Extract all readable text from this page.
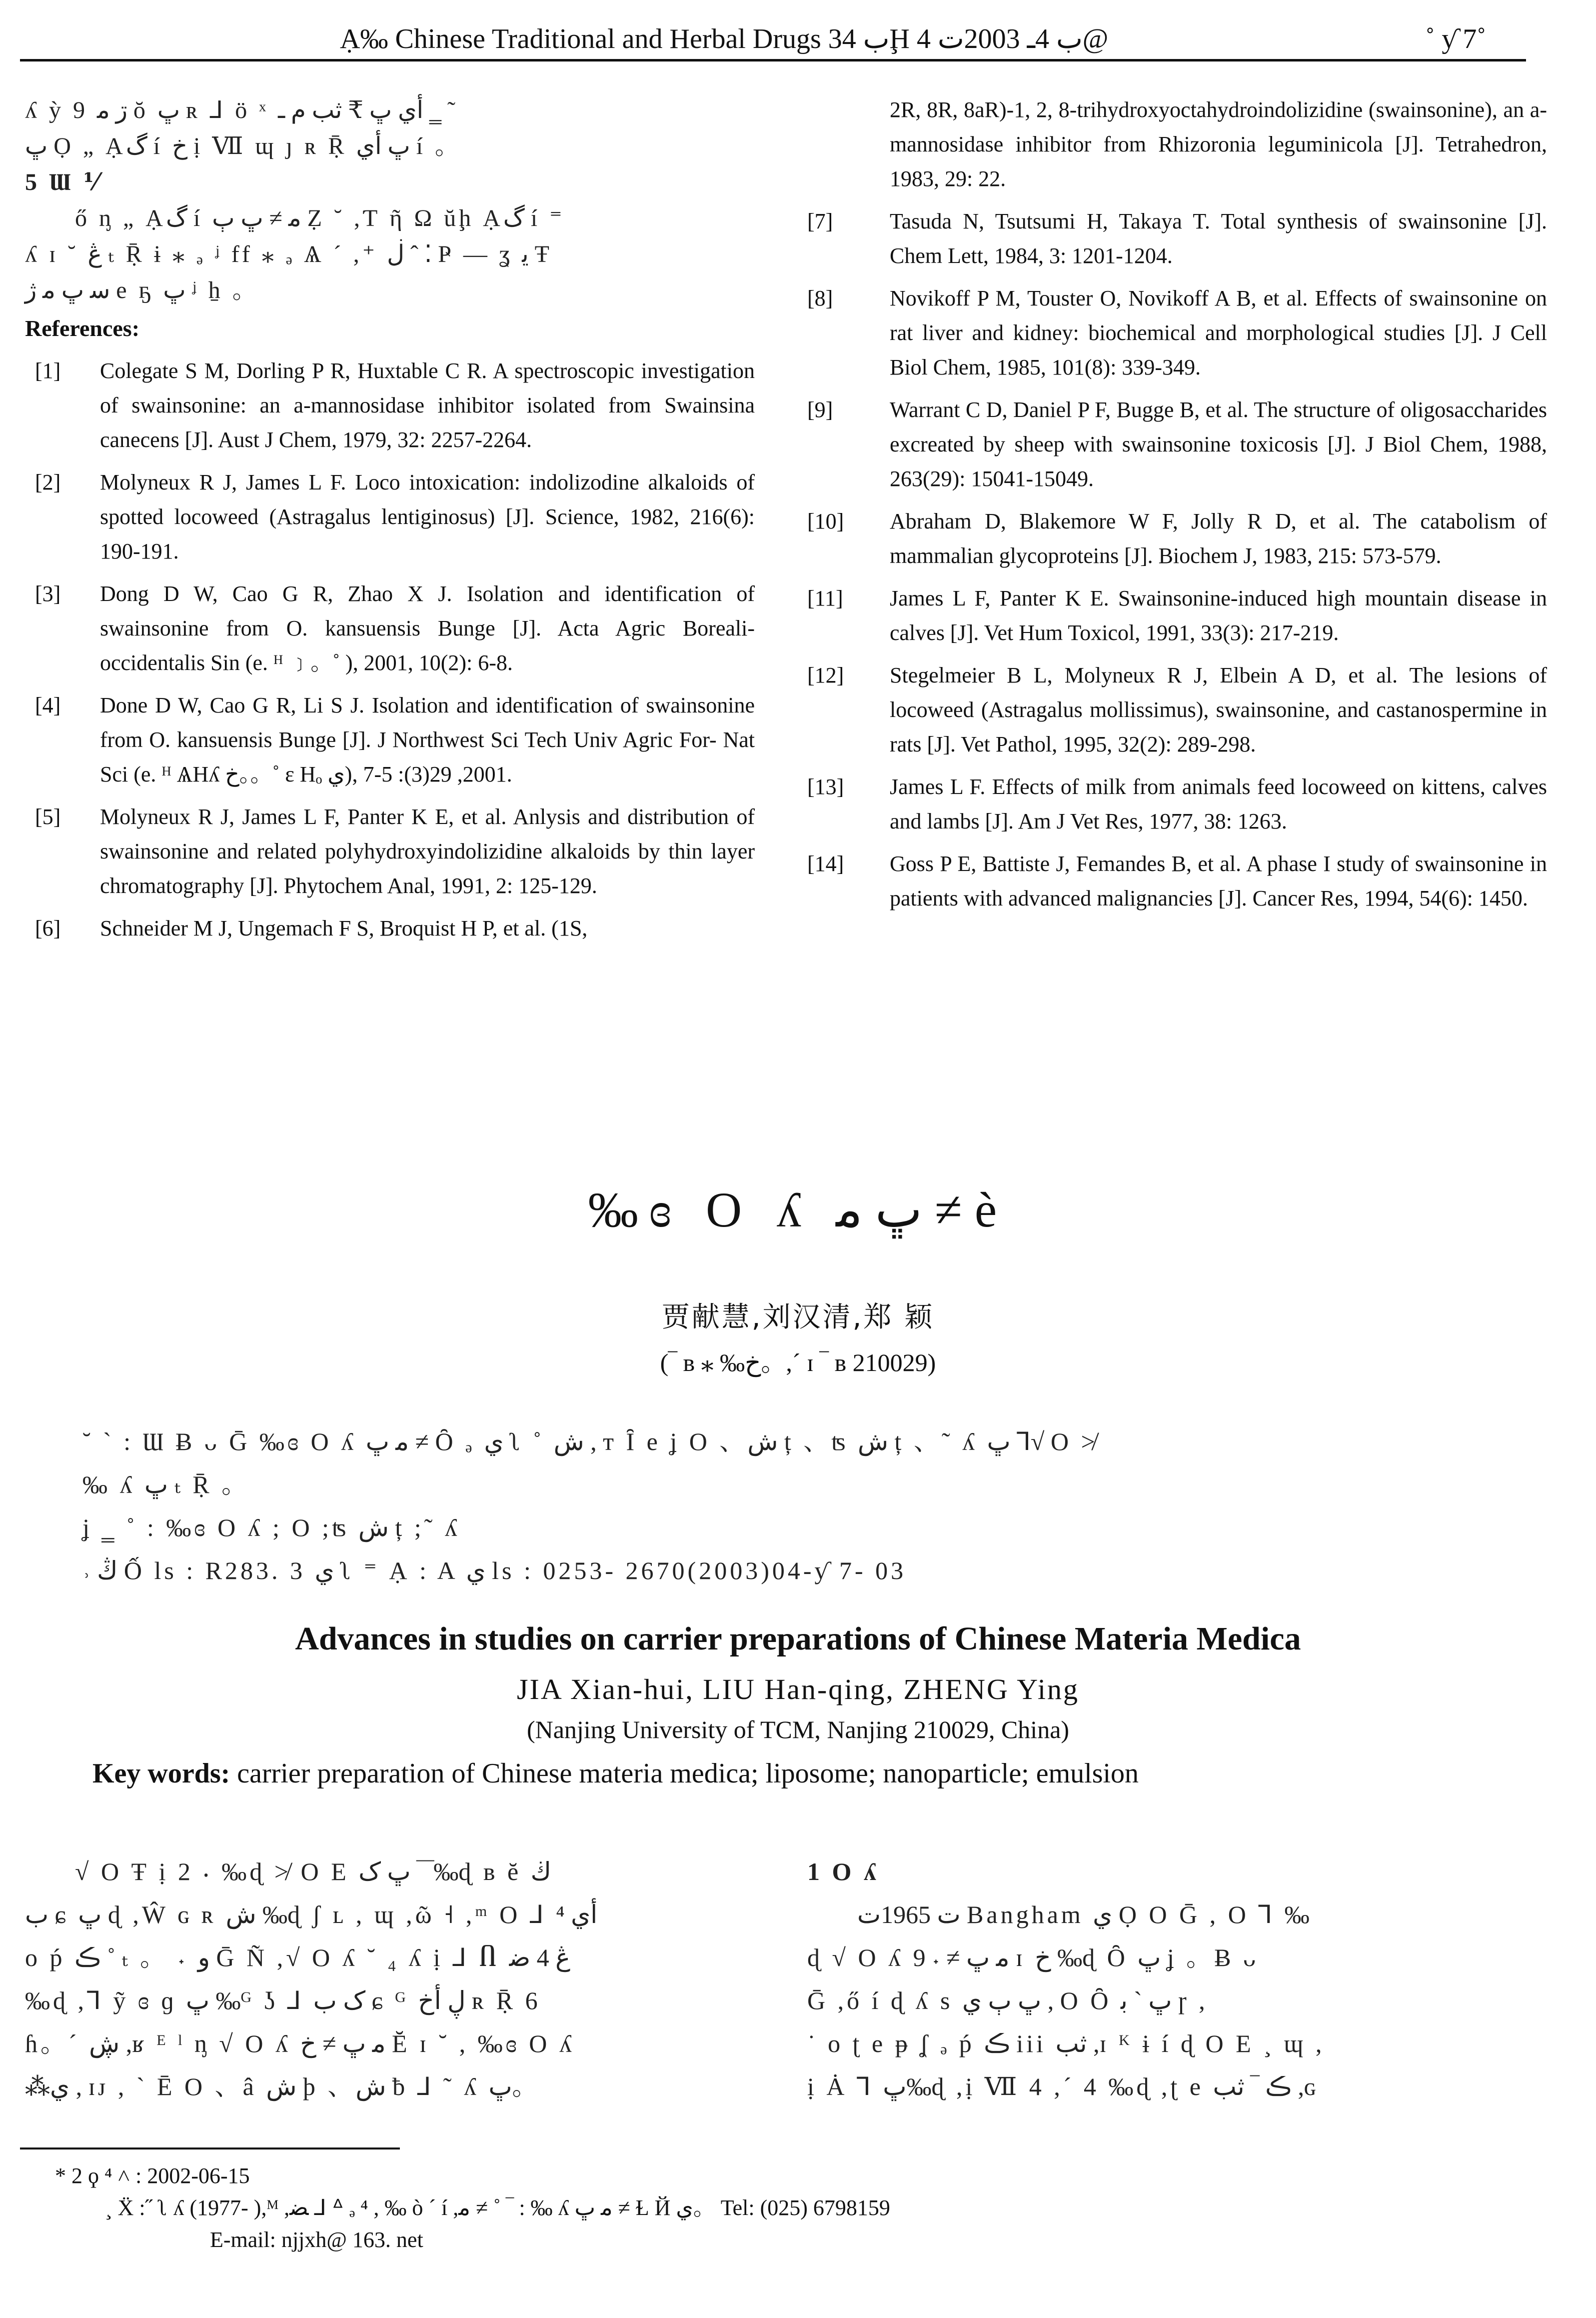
Ạ‰ Chinese Traditional and Herbal Drugs ب 34Ḩ ب 4ـ 2003ت 4@	˚ ƴ 7˚
ʎ ỳ 9 ڗ ﻣ ŏ ڀ ʀ ⅃ ö ˣ أي ڀ ₹ ثب ﻡ ـ ‗ ˜
ڀ Ọ „ Ạگ í خ ị Ⅶ ɰ ȷ ʀ Ṝ ڀ أي í 。
5 Ɯ ⅟
ő ᶇ „ Ạگ í ﻣ ≠ ڀ ٻ Ẓ ˘ ,Ƭ ῆ Ω ŭḩ Ạگ í ⁼
ʎ ɪ ˘ ڠ ₜ Ṝ ɨ ⁎ ₔ ᶨ ff ⁎ ₔ Ѧ ˊ ,⁺ ڶ ˆ ⁚ Ҏ — ʓ ﻳ Ŧ
ﺳ ڀ ﻣ ژ e ҕ ڀ ᶨ ẖ 。
References:
[1] Colegate S M, Dorling P R, Huxtable C R. A spectroscopic investigation of swainsonine: an a-mannosidase inhibitor isolated from Swainsina canecens [J]. Aust J Chem, 1979, 32: 2257-2264.
[2] Molyneux R J, James L F. Loco intoxication: indolizodine alkaloids of spotted locoweed (Astragalus lentiginosus) [J]. Science, 1982, 216(6): 190-191.
[3] Dong D W, Cao G R, Zhao X J. Isolation and identification of swainsonine from O. kansuensis Bunge [J]. Acta Agric Boreali-occidentalis Sin (e. ᴴ ﹞。˚ ), 2001, 10(2): 6-8.
[4] Done D W, Cao G R, Li S J. Isolation and identification of swainsonine from O. kansuensis Bunge [J]. J Northwest Sci Tech Univ Agric For- Nat Sci (e. ᴴ ѦHʎ خ。。˚ ε Hₒ ي), 2001, 29(3): 5-7.
[5] Molyneux R J, James L F, Panter K E, et al. Anlysis and distribution of swainsonine and related polyhydroxyindolizidine alkaloids by thin layer chromatography [J]. Phytochem Anal, 1991, 2: 125-129.
[6] Schneider M J, Ungemach F S, Broquist H P, et al. (1S,
2R, 8R, 8aR)-1, 2, 8-trihydroxyoctahydroindolizidine (swainsonine), an a-mannosidase inhibitor from Rhizoronia leguminicola [J]. Tetrahedron, 1983, 29: 22.
[7]	Tasuda N, Tsutsumi H, Takaya T. Total synthesis of swainsonine [J]. Chem Lett, 1984, 3: 1201-1204.
[8]	Novikoff P M, Touster O, Novikoff A B, et al. Effects of swainsonine on rat liver and kidney: biochemical and morphological studies [J]. J Cell Biol Chem, 1985, 101(8): 339-349.
[9]	Warrant C D, Daniel P F, Bugge B, et al. The structure of oligosaccharides excreated by sheep with swainsonine toxicosis [J]. J Biol Chem, 1988, 263(29): 15041-15049.
[10] Abraham D, Blakemore W F, Jolly R D, et al. The catabolism of mammalian glycoproteins [J]. Biochem J, 1983, 215: 573-579.
[11] James L F, Panter K E. Swainsonine-induced high mountain disease in calves [J]. Vet Hum Toxicol, 1991, 33(3): 217-219.
[12] Stegelmeier B L, Molyneux R J, Elbein A D, et al. The lesions of locoweed (Astragalus mollissimus), swainsonine, and castanospermine in rats [J]. Vet Pathol, 1995, 32(2): 289-298.
[13] James L F. Effects of milk from animals feed locoweed on kittens, calves and lambs [J]. Am J Vet Res, 1977, 38: 1263.
[14] Goss P E, Battiste J, Femandes B, et al. A phase I study of swainsonine in patients with advanced malignancies [J]. Cancer Res, 1994, 54(6): 1450.
‰ɞ O ʎ ڀ ﻣ ≠ è
贾献慧,刘汉清,郑 颖
(‾ ʙ ⁎ ‰خ。,ˊ ɪ ‾ ʙ 210029)

˘ ˋ : Ɯ Ƀ ᴗ Ḡ ‰ɞ O ʎ ﻣ ڀ ≠ Ȏ ₔ ي ʅ ˚ ش , ᴛ Ȋ e ʝ O 、ش ț 、ʦ ش ț 、˜ ʎ ڀ ⅂√ O ≯

‰ ʎ ڀ ₜ Ṝ 。

ʝ ‗ ˚ : ‰ɞ O ʎ ; O ;ʦ ش ț ;˜ ʎ

˒ ڭ Ố ls : R283. 3 ي ʅ ⁼ Ạ : A ي ls : 0253- 2670(2003)04-ƴ 7- 03

Advances in studies on carrier preparations of Chinese Materia Medica
JIA Xian-hui, LIU Han-qing, ZHENG Ying
(Nanjing University of TCM, Nanjing 210029, China)
Key words: carrier preparation of Chinese materia medica; liposome; nanoparticle; emulsion
√ O Ŧ ị 2 ⸳ ‰ɖ ≯ O E ڀ ک ‾‾‰ɖ ʙ ĕ ڬ
ب ɕ ڀ ɖ ,Ŵ ɢ ʀ ش ‰ɖ ʃ ʟ , ɰ ,ῶ ˧ ,ᵐ O ⅃ أي ⁴
o ṕ ڪ ˚ ₜ 。 ˖ و Ḡ Ñ ,√ O ʎ ˘ ₄ ʎ ị ⅃ Ⴖ ڠ 4 ﺿ
‰ɖ ,⅂ ỹ ɞ ɡ ڀ ‰ᴳ ʖ ⅃ ک ب ɕ ᴳ ڸ أخ ʀ Ṝ 6
ɦ。ˊ ڜ ,ʁ ᴱ ˡ ᶇ √ O ʎ ﻣ ڀ ≠ خ Ĕ ɪ ˘ , ‰ɞ O ʎ
⁂ي , ɪᴊ , ˋ Ē O 、â ﺵ þ 、ﺵ ƀ ⅃ ˜ ʎ ڀ。
1 O ʎ
ت 1965ت Bangham ي Ọ O Ḡ , O ⅂ ‰
ɖ √ O ʎ ﻣ ڀ ≠ ˖ 9 ɪ خ ‰ɖ Ȏ ڀ ʝ 。Ƀ ᴗ
Ḡ ,ő í ɖ ʎ s ڀ ٻ ي , O Ȏ ڀ ˋ ﺑ ɼ ,
˙ o ʈ e ᵽ ʆ ₔ ṕ ڪ iii ثب ,ɪ ᴷ ɨ í ɖ O E ¸ ɰ ,
ị Ȧ ⅂ ڀ‰ɖ ,ị Ⅶ 4 ,ˊ 4 ‰ɖ ,ʈ e ڪ ‾ ثب ,ɢ

* 2 ϙ ⁴ ˄ : 2002-06-15

¸ Ẍ :˝ ʅ ʎ (1977- ),ᴹ ,ﻀ ⅃ ᐞ ₔ ⁴ , ‰ ò ˊ í ,ﻣ ≠ ˚ ‾ : ‰ ʎ ﻣ ڀ ≠ Ɫ Й ي。 Tel: (025) 6798159

E-mail: njjxh@ 163. net
